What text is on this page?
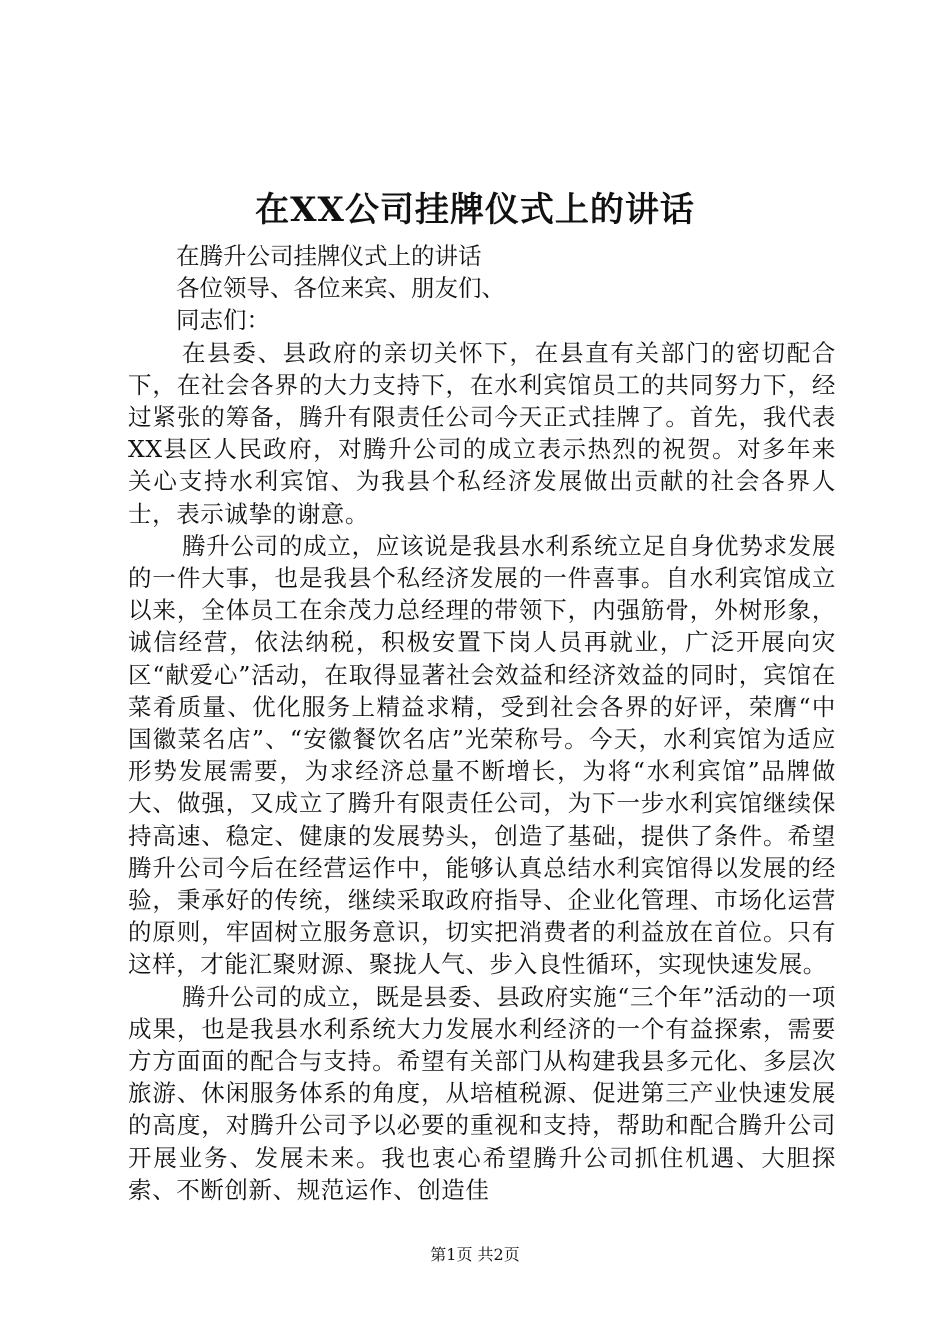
在XX公司挂牌仪式上的讲话

在腾升公司挂牌仪式上的讲话

各位领导、各位来宾、朋友们、

同志们：

在县委、县政府的亲切关怀下，在县直有关部门的密切配合下，在社会各界的大力支持下，在水利宾馆员工的共同努力下，经过紧张的筹备，腾升有限责任公司今天正式挂牌了。首先，我代表XX县区人民政府，对腾升公司的成立表示热烈的祝贺。对多年来关心支持水利宾馆、为我县个私经济发展做出贡献的社会各界人士，表示诚挚的谢意。

腾升公司的成立，应该说是我县水利系统立足自身优势求发展的一件大事，也是我县个私经济发展的一件喜事。自水利宾馆成立以来，全体员工在余茂力总经理的带领下，内强筋骨，外树形象，诚信经营，依法纳税，积极安置下岗人员再就业，广泛开展向灾区“献爱心”活动，在取得显著社会效益和经济效益的同时，宾馆在菜肴质量、优化服务上精益求精，受到社会各界的好评，荣膺“中国徽菜名店”、“安徽餐饮名店”光荣称号。今天，水利宾馆为适应形势发展需要，为求经济总量不断增长，为将“水利宾馆”品牌做大、做强，又成立了腾升有限责任公司，为下一步水利宾馆继续保持高速、稳定、健康的发展势头，创造了基础，提供了条件。希望腾升公司今后在经营运作中，能够认真总结水利宾馆得以发展的经验，秉承好的传统，继续采取政府指导、企业化管理、市场化运营的原则，牢固树立服务意识，切实把消费者的利益放在首位。只有这样，才能汇聚财源、聚拢人气、步入良性循环，实现快速发展。

腾升公司的成立，既是县委、县政府实施“三个年”活动的一项成果，也是我县水利系统大力发展水利经济的一个有益探索，需要方方面面的配合与支持。希望有关部门从构建我县多元化、多层次旅游、休闲服务体系的角度，从培植税源、促进第三产业快速发展的高度，对腾升公司予以必要的重视和支持，帮助和配合腾升公司开展业务、发展未来。我也衷心希望腾升公司抓住机遇、大胆探索、不断创新、规范运作、创造佳

第1页 共2页
